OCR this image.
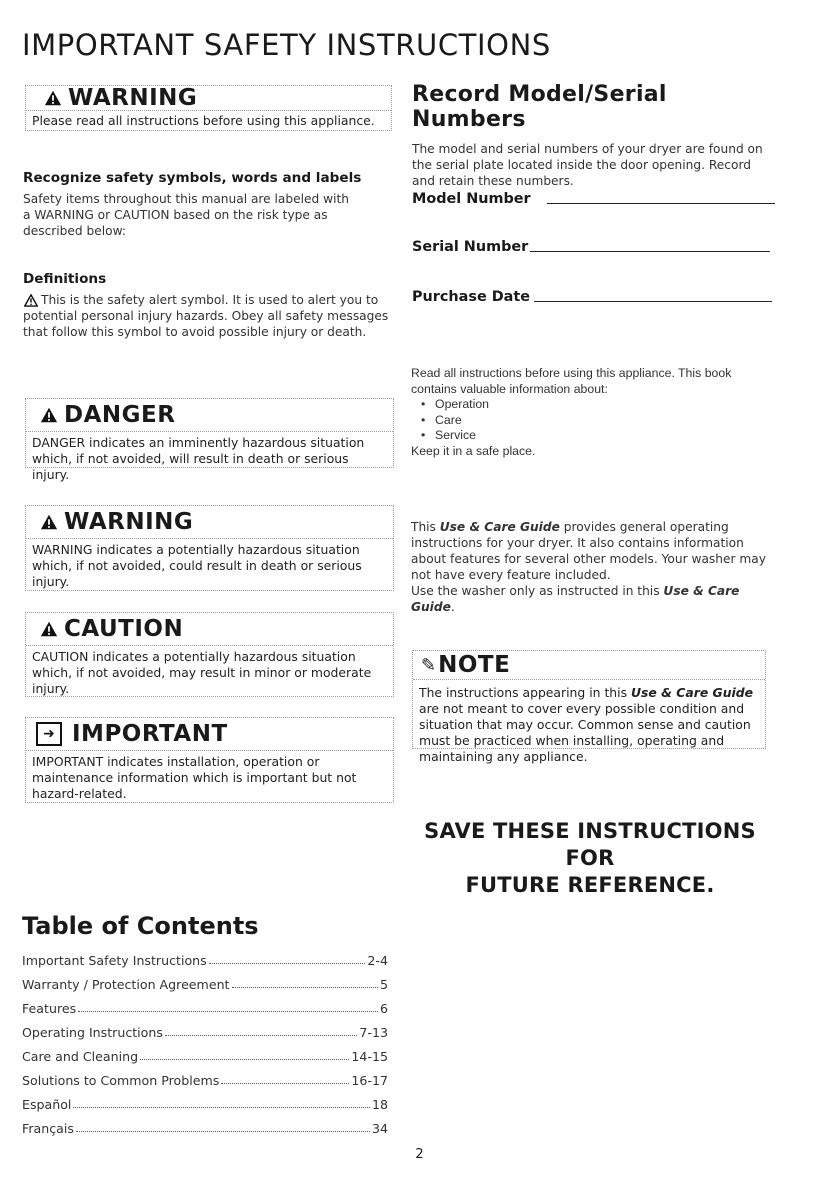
IMPORTANT SAFETY INSTRUCTIONS
WARNING
Please read all instructions before using this appliance.
Recognize safety symbols, words and labels

Safety items throughout this manual are labeled with a WARNING or CAUTION based on the risk type as described below:

Definitions

This is the safety alert symbol. It is used to alert you to potential personal injury hazards. Obey all safety messages that follow this symbol to avoid possible injury or death.

DANGER
DANGER indicates an imminently hazardous situation which, if not avoided, will result in death or serious injury.
WARNING
WARNING indicates a potentially hazardous situation which, if not avoided, could result in death or serious injury.
CAUTION
CAUTION indicates a potentially hazardous situation which, if not avoided, may result in minor or moderate injury.
➜ IMPORTANT
IMPORTANT indicates installation, operation or maintenance information which is important but not hazard-related.
Record Model/Serial Numbers

The model and serial numbers of your dryer are found on the serial plate located inside the door opening. Record and retain these numbers.

Model Number
Serial Number
Purchase Date
Read all instructions before using this appliance. This book contains valuable information about:
• Operation
• Care
• Service
Keep it in a safe place.
This Use & Care Guide provides general operating instructions for your dryer. It also contains information about features for several other models. Your washer may not have every feature included.
Use the washer only as instructed in this Use & Care Guide.
✎ NOTE
The instructions appearing in this Use & Care Guide are not meant to cover every possible condition and situation that may occur. Common sense and caution must be practiced when installing, operating and maintaining any appliance.
SAVE THESE INSTRUCTIONS FOR
FUTURE REFERENCE.
Table of Contents
Important Safety Instructions	2-4
Warranty / Protection Agreement	5
Features	6
Operating Instructions	7-13
Care and Cleaning	14-15
Solutions to Common Problems	16-17
Español	18
Français	34
2
